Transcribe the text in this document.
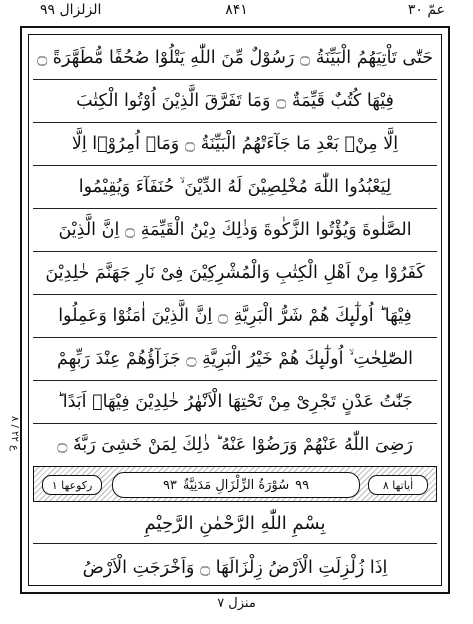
الزلزال ۹۹	۸۴۱	عمّ ۳۰
حَتّٰی تَاْتِیَهُمُ الْبَیِّنَةُ ۝ رَسُوْلٌ مِّنَ اللّٰهِ یَتْلُوْا صُحُفًا مُّطَهَّرَةً ۝
فِیْهَا كُتُبٌ قَیِّمَةٌ ۝ وَمَا تَفَرَّقَ الَّذِیْنَ اُوْتُوا الْكِتٰبَ
اِلَّا مِنْۢ بَعْدِ مَا جَآءَتْهُمُ الْبَیِّنَةُ ۝ وَمَاۤ اُمِرُوْۤا اِلَّا
لِیَعْبُدُوا اللّٰهَ مُخْلِصِیْنَ لَهُ الدِّیْنَ ۙ حُنَفَآءَ وَیُقِیْمُوا
الصَّلٰوةَ وَیُؤْتُوا الزَّكٰوةَ وَذٰلِكَ دِیْنُ الْقَیِّمَةِ ۝ اِنَّ الَّذِیْنَ
كَفَرُوْا مِنْ اَهْلِ الْكِتٰبِ وَالْمُشْرِكِیْنَ فِیْ نَارِ جَهَنَّمَ خٰلِدِیْنَ
فِیْهَا ؕ اُولٰٓىِٕكَ هُمْ شَرُّ الْبَرِیَّةِ ۝ اِنَّ الَّذِیْنَ اٰمَنُوْا وَعَمِلُوا
الصّٰلِحٰتِ ۙ اُولٰٓىِٕكَ هُمْ خَیْرُ الْبَرِیَّةِ ۝ جَزَآؤُهُمْ عِنْدَ رَبِّهِمْ
جَنّٰتُ عَدْنٍ تَجْرِیْ مِنْ تَحْتِهَا الْاَنْهٰرُ خٰلِدِیْنَ فِیْهَاۤ اَبَدًا ؕ
رَضِیَ اللّٰهُ عَنْهُمْ وَرَضُوْا عَنْهُ ؕ ذٰلِكَ لِمَنْ خَشِیَ رَبَّهٗ ۝
۸ / ع ۲۲
رکوعها ۱	۹۹
سُوْرَةُ الزِّلْزَالِ مَدَنِیَّةٌ
۹۳	اٰیاتها ۸
بِسْمِ اللّٰهِ الرَّحْمٰنِ الرَّحِیْمِ
اِذَا زُلْزِلَتِ الْاَرْضُ زِلْزَالَهَا ۝ وَاَخْرَجَتِ الْاَرْضُ
منزل ۷
